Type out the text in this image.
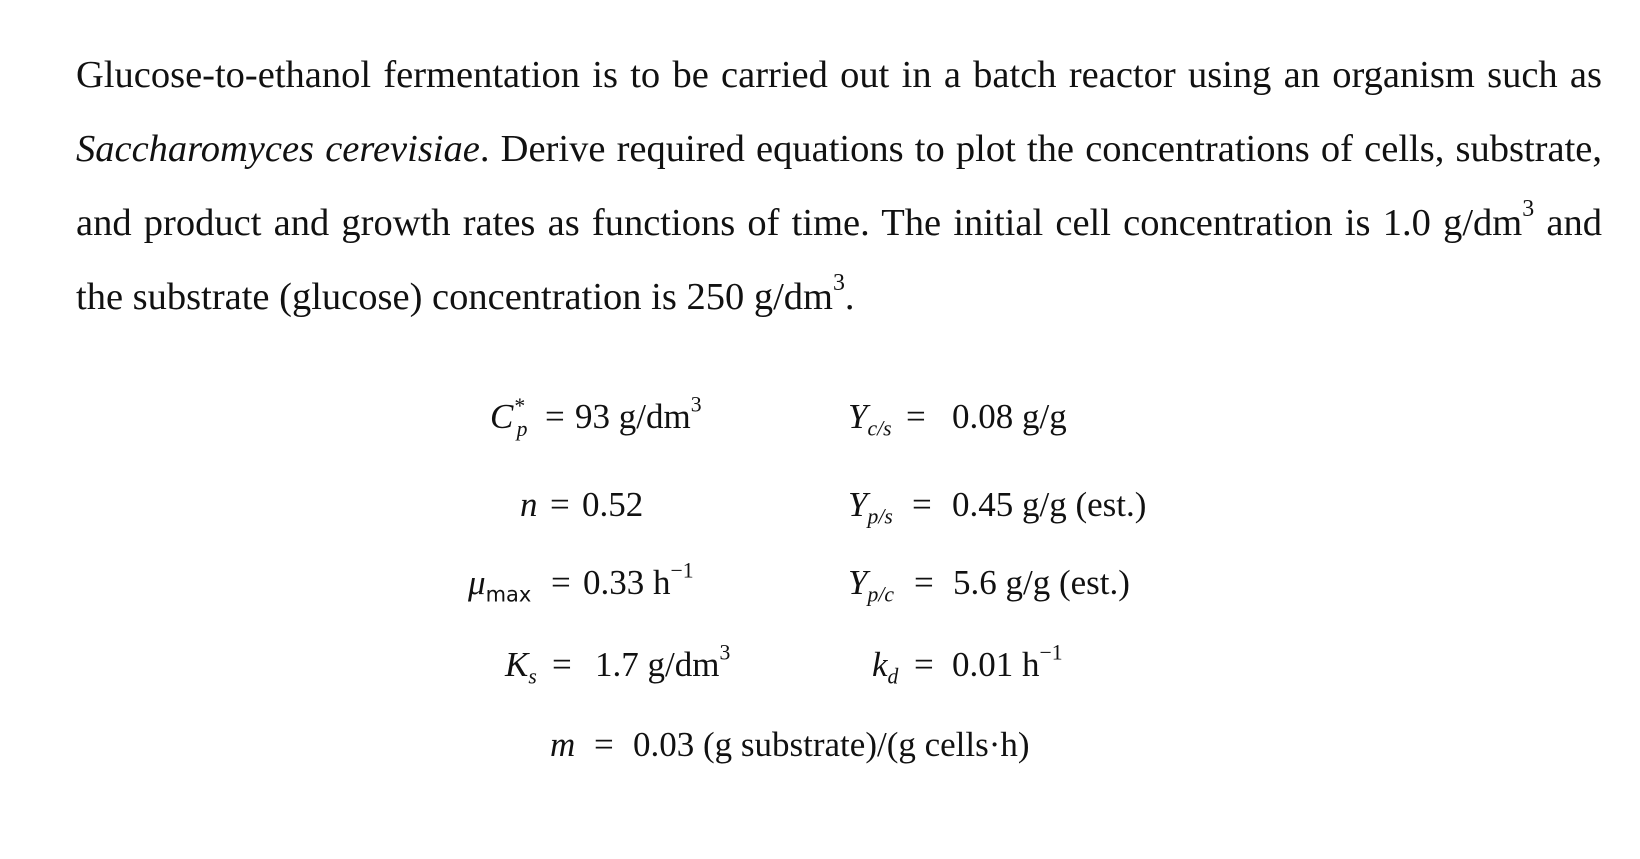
Glucose-to-ethanol fermentation is to be carried out in a batch reactor using an organism such as Saccharomyces cerevisiae. Derive required equations to plot the concentrations of cells, substrate, and product and growth rates as functions of time. The initial cell concentration is 1.0 $g/dm^3$ and the substrate (glucose) concentration is 250 $g/dm^3$.

$C^*_p = 93$ $g/dm^3$
n = 0.52
$\mu_{max} = 0.33$ $h^{-1}$
$K_s = 1.7$ $g/dm^3$
$Y_{c/s} = 0.08$ g/g
$Y_{p/s} = 0.45$ g/g (est.)
$Y_{p/c} = 5.6$ g/g (est.)
$k_d = 0.01$ $h^{-1}$
m = 0.03 (g substrate)/(g cells·h)
